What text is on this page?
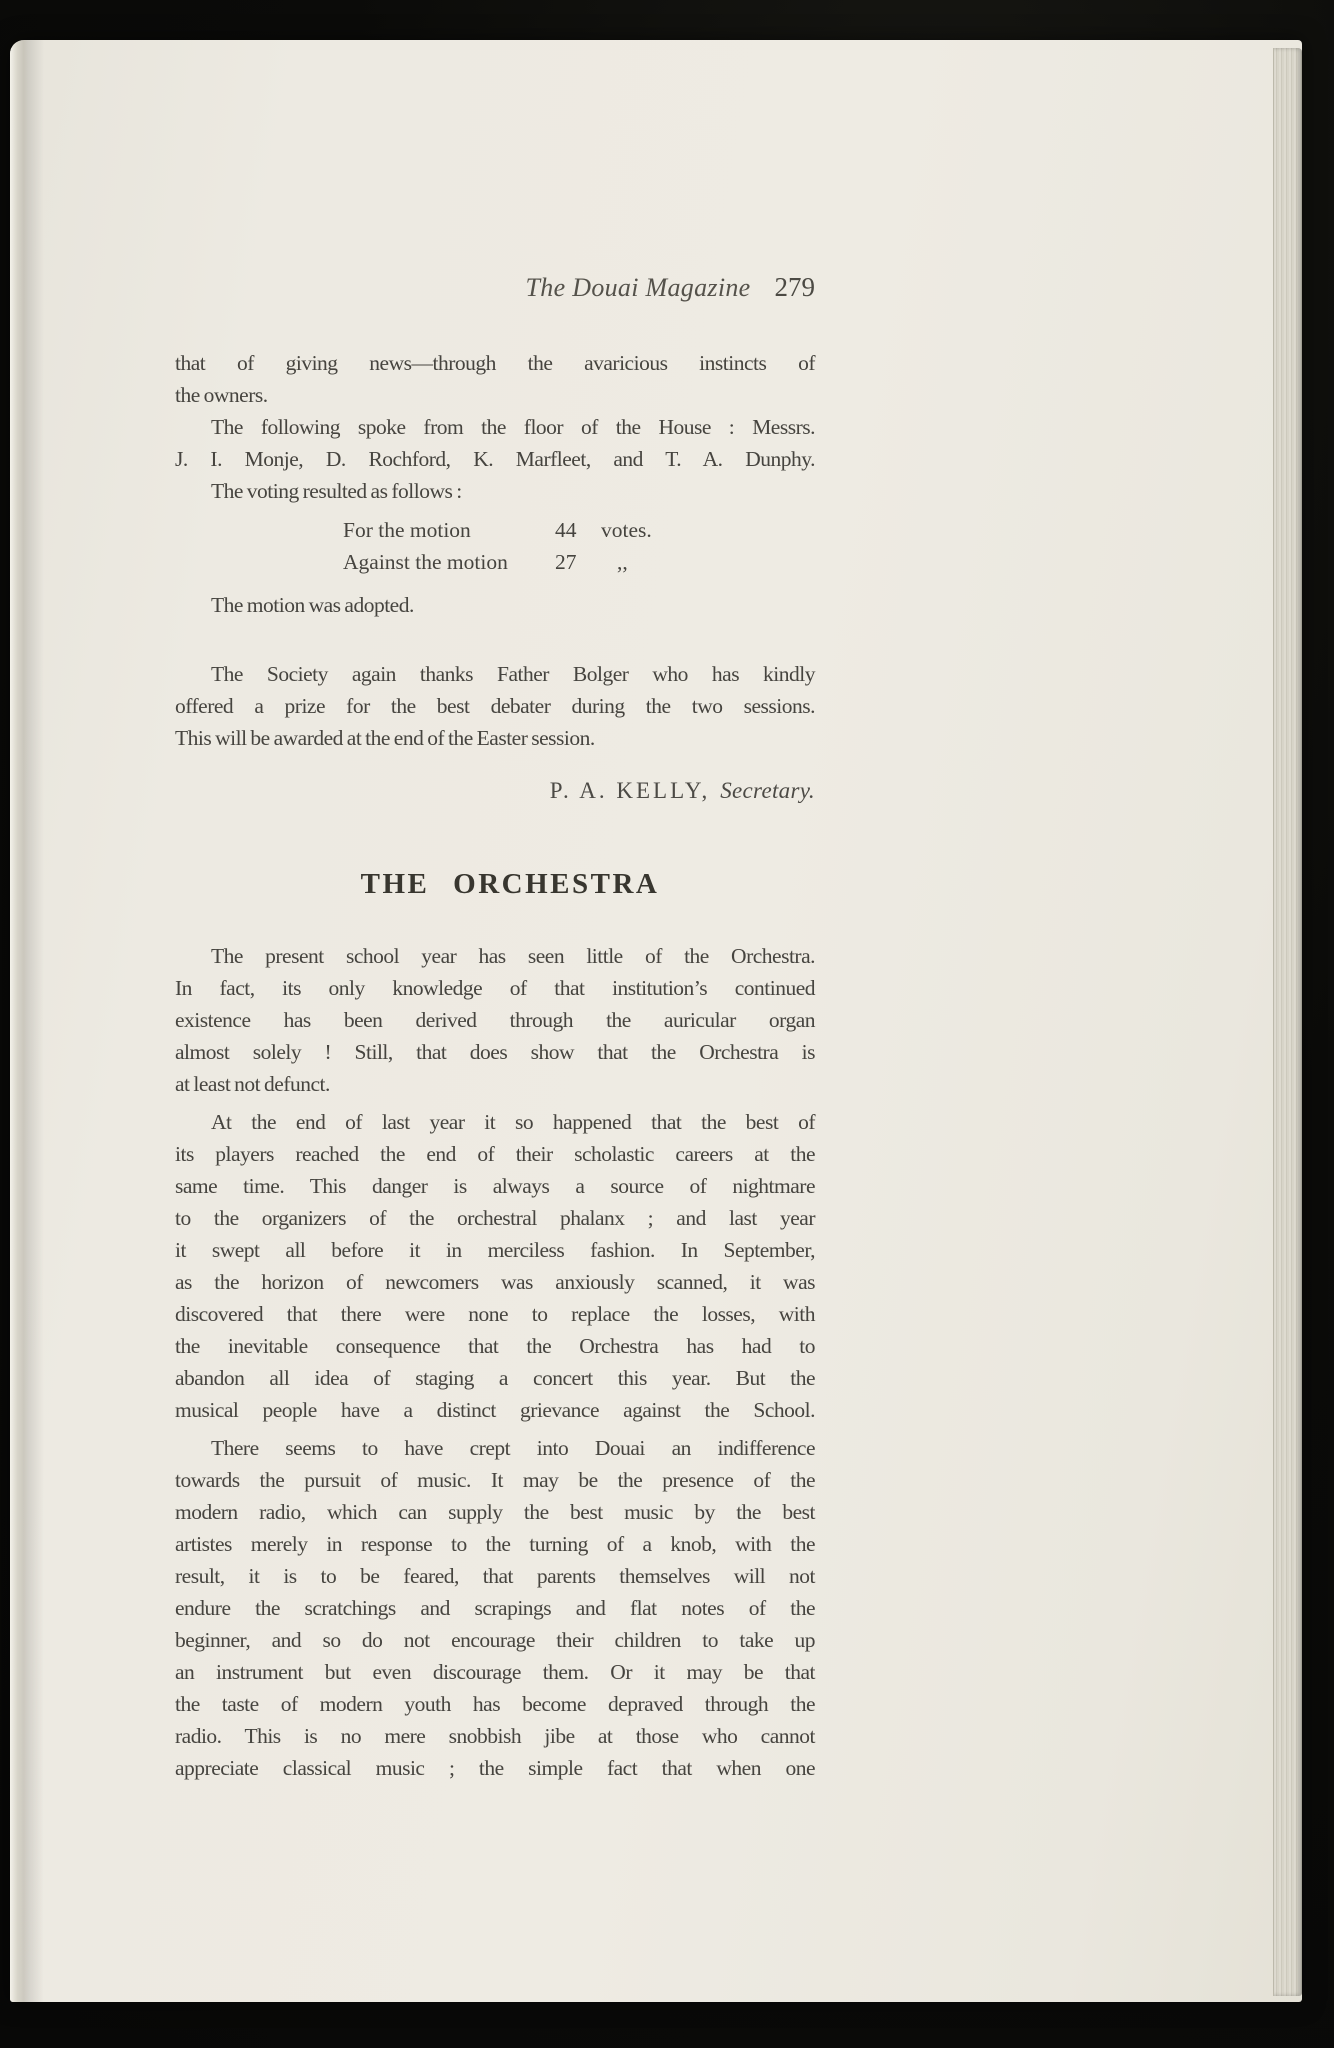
The Douai Magazine 279
that of giving news—through the avaricious instincts of
the owners.
The following spoke from the floor of the House : Messrs.
J. I. Monje, D. Rochford, K. Marfleet, and T. A. Dunphy.
The voting resulted as follows :
For the motion	44	votes.
Against the motion	27	,,
The motion was adopted.
The Society again thanks Father Bolger who has kindly
offered a prize for the best debater during the two sessions.
This will be awarded at the end of the Easter session.
P. A. KELLY, Secretary.
THE ORCHESTRA
The present school year has seen little of the Orchestra.
In fact, its only knowledge of that institution’s continued
existence has been derived through the auricular organ
almost solely ! Still, that does show that the Orchestra is
at least not defunct.
At the end of last year it so happened that the best of
its players reached the end of their scholastic careers at the
same time. This danger is always a source of nightmare
to the organizers of the orchestral phalanx ; and last year
it swept all before it in merciless fashion. In September,
as the horizon of newcomers was anxiously scanned, it was
discovered that there were none to replace the losses, with
the inevitable consequence that the Orchestra has had to
abandon all idea of staging a concert this year. But the
musical people have a distinct grievance against the School.
There seems to have crept into Douai an indifference
towards the pursuit of music. It may be the presence of the
modern radio, which can supply the best music by the best
artistes merely in response to the turning of a knob, with the
result, it is to be feared, that parents themselves will not
endure the scratchings and scrapings and flat notes of the
beginner, and so do not encourage their children to take up
an instrument but even discourage them. Or it may be that
the taste of modern youth has become depraved through the
radio. This is no mere snobbish jibe at those who cannot
appreciate classical music ; the simple fact that when one
